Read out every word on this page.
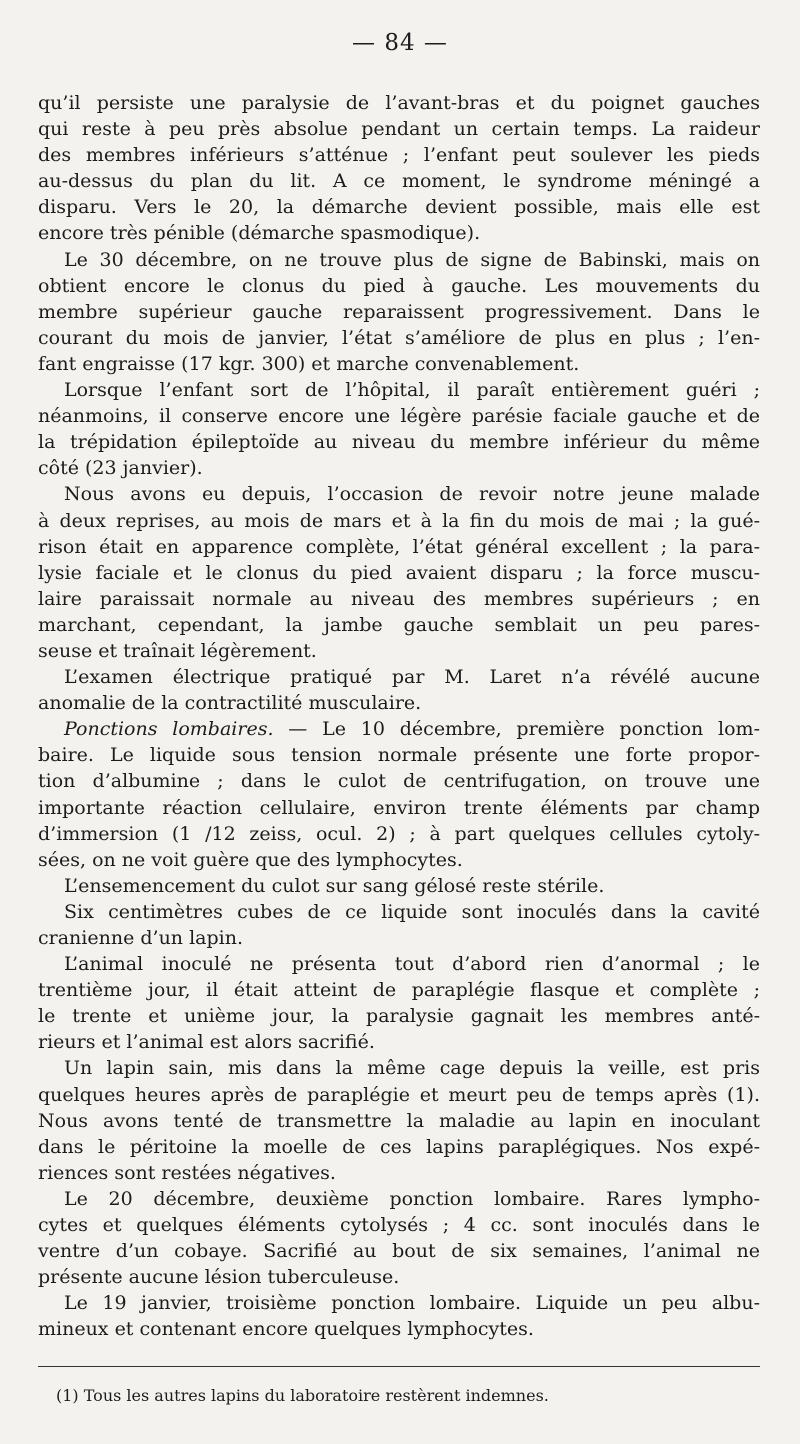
— 84 —
qu’il persiste une paralysie de l’avant-bras et du poignet gauches
qui reste à peu près absolue pendant un certain temps. La raideur
des membres inférieurs s’atténue ; l’enfant peut soulever les pieds
au-dessus du plan du lit. A ce moment, le syndrome méningé a
disparu. Vers le 20, la démarche devient possible, mais elle est
encore très pénible (démarche spasmodique).
Le 30 décembre, on ne trouve plus de signe de Babinski, mais on
obtient encore le clonus du pied à gauche. Les mouvements du
membre supérieur gauche reparaissent progressivement. Dans le
courant du mois de janvier, l’état s’améliore de plus en plus ; l’en-
fant engraisse (17 kgr. 300) et marche convenablement.
Lorsque l’enfant sort de l’hôpital, il paraît entièrement guéri ;
néanmoins, il conserve encore une légère parésie faciale gauche et de
la trépidation épileptoïde au niveau du membre inférieur du même
côté (23 janvier).
Nous avons eu depuis, l’occasion de revoir notre jeune malade
à deux reprises, au mois de mars et à la fin du mois de mai ; la gué-
rison était en apparence complète, l’état général excellent ; la para-
lysie faciale et le clonus du pied avaient disparu ; la force muscu-
laire paraissait normale au niveau des membres supérieurs ; en
marchant, cependant, la jambe gauche semblait un peu pares-
seuse et traînait légèrement.
L’examen électrique pratiqué par M. Laret n’a révélé aucune
anomalie de la contractilité musculaire.
Ponctions lombaires. — Le 10 décembre, première ponction lom-
baire. Le liquide sous tension normale présente une forte propor-
tion d’albumine ; dans le culot de centrifugation, on trouve une
importante réaction cellulaire, environ trente éléments par champ
d’immersion (1 /12 zeiss, ocul. 2) ; à part quelques cellules cytoly-
sées, on ne voit guère que des lymphocytes.
L’ensemencement du culot sur sang gélosé reste stérile.
Six centimètres cubes de ce liquide sont inoculés dans la cavité
cranienne d’un lapin.
L’animal inoculé ne présenta tout d’abord rien d’anormal ; le
trentième jour, il était atteint de paraplégie flasque et complète ;
le trente et unième jour, la paralysie gagnait les membres anté-
rieurs et l’animal est alors sacrifié.
Un lapin sain, mis dans la même cage depuis la veille, est pris
quelques heures après de paraplégie et meurt peu de temps après (1).
Nous avons tenté de transmettre la maladie au lapin en inoculant
dans le péritoine la moelle de ces lapins paraplégiques. Nos expé-
riences sont restées négatives.
Le 20 décembre, deuxième ponction lombaire. Rares lympho-
cytes et quelques éléments cytolysés ; 4 cc. sont inoculés dans le
ventre d’un cobaye. Sacrifié au bout de six semaines, l’animal ne
présente aucune lésion tuberculeuse.
Le 19 janvier, troisième ponction lombaire. Liquide un peu albu-
mineux et contenant encore quelques lymphocytes.
(1) Tous les autres lapins du laboratoire restèrent indemnes.
